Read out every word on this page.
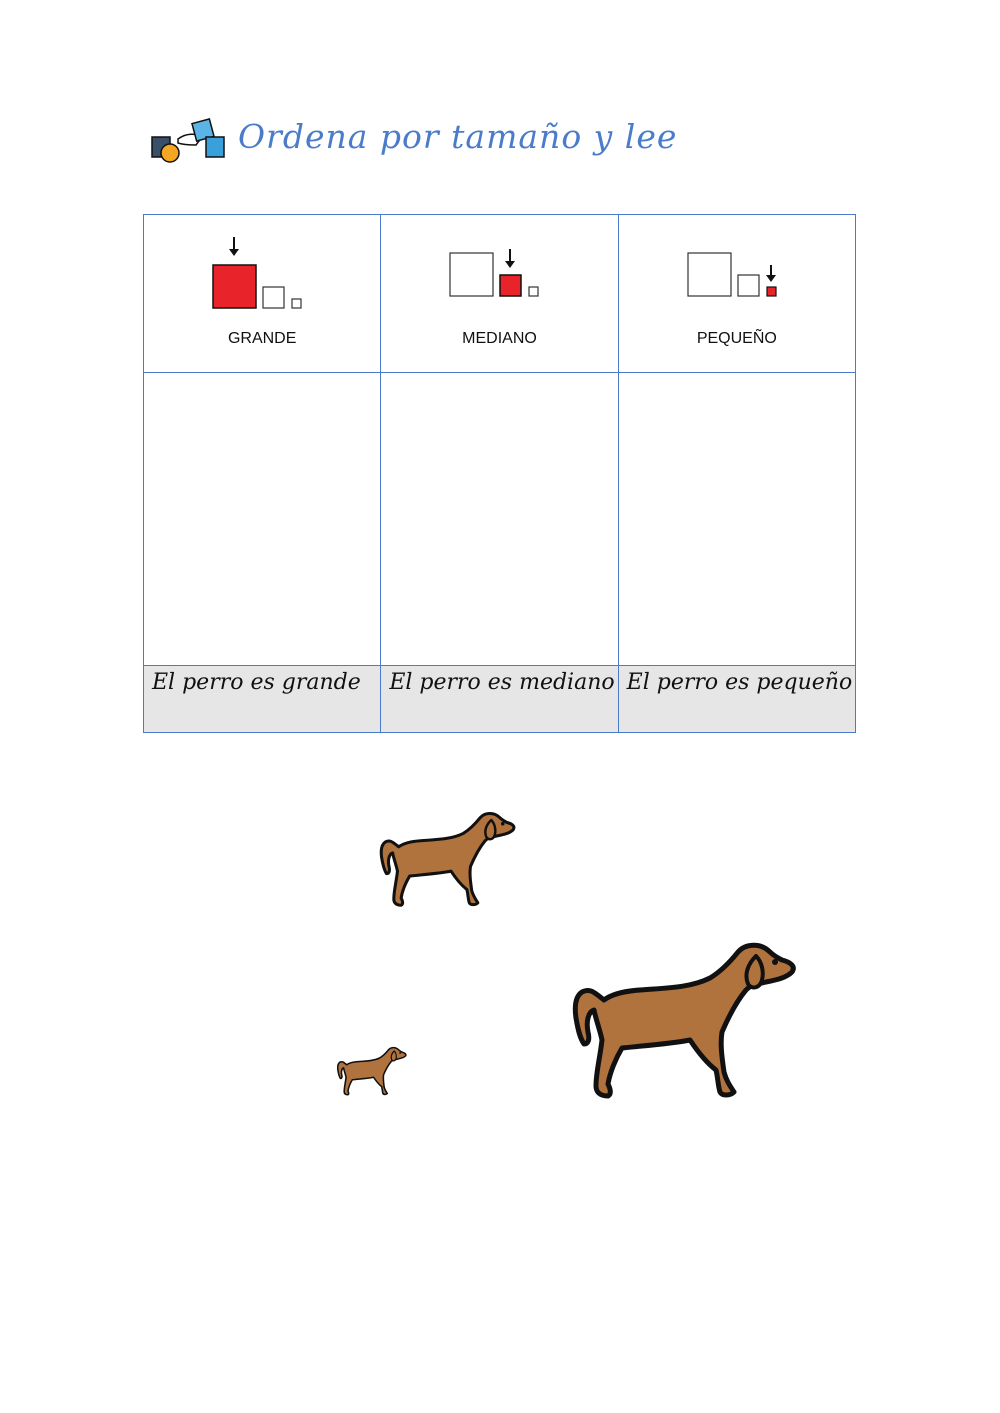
Ordena por tamaño y lee
GRANDE	MEDIANO	PEQUEÑO

El perro es grande	El perro es mediano	El perro es pequeño
